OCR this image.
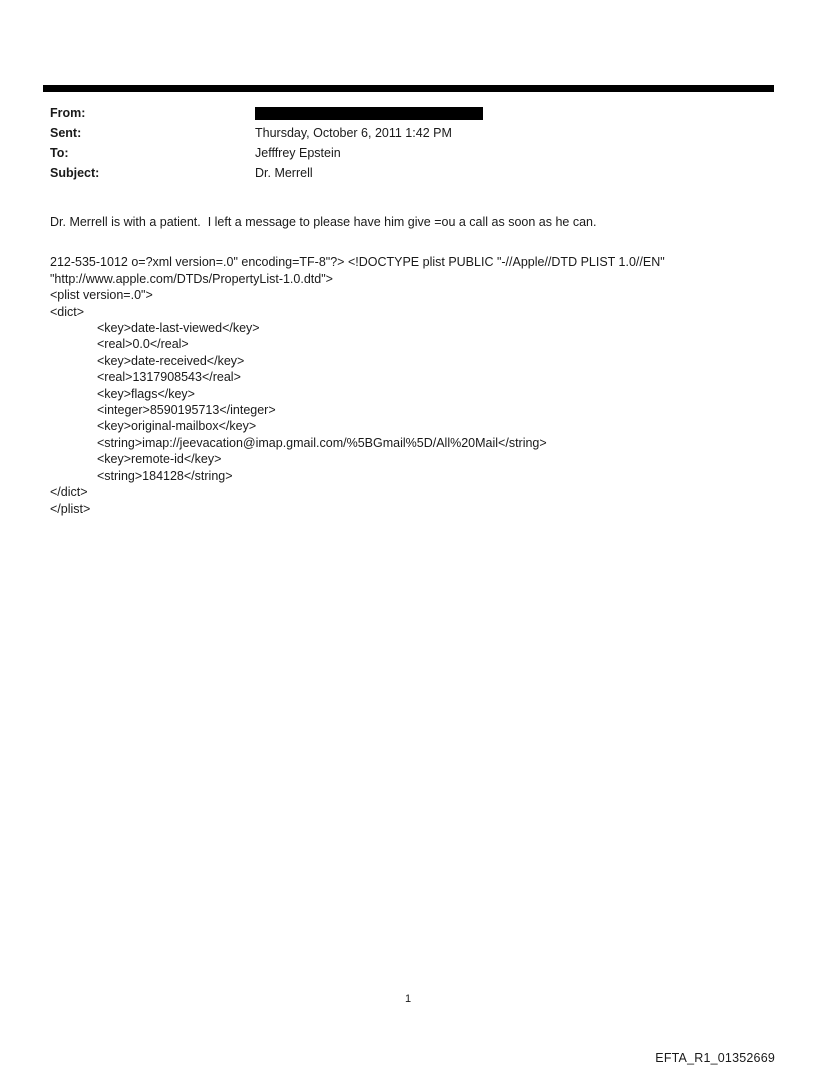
From:
Sent:	Thursday, October 6, 2011 1:42 PM
To:	Jefffrey Epstein
Subject:	Dr. Merrell
Dr. Merrell is with a patient.  I left a message to please have him give =ou a call as soon as he can.
212-535-1012 o=?xml version=.0" encoding=TF-8"?> <!DOCTYPE plist PUBLIC "-//Apple//DTD PLIST 1.0//EN"
"http://www.apple.com/DTDs/PropertyList-1.0.dtd">
<plist version=.0">
<dict>
<key>date-last-viewed</key>
<real>0.0</real>
<key>date-received</key>
<real>1317908543</real>
<key>flags</key>
<integer>8590195713</integer>
<key>original-mailbox</key>
<string>imap://jeevacation@imap.gmail.com/%5BGmail%5D/All%20Mail</string>
<key>remote-id</key>
<string>184128</string>
</dict>
</plist>
1
EFTA_R1_01352669
